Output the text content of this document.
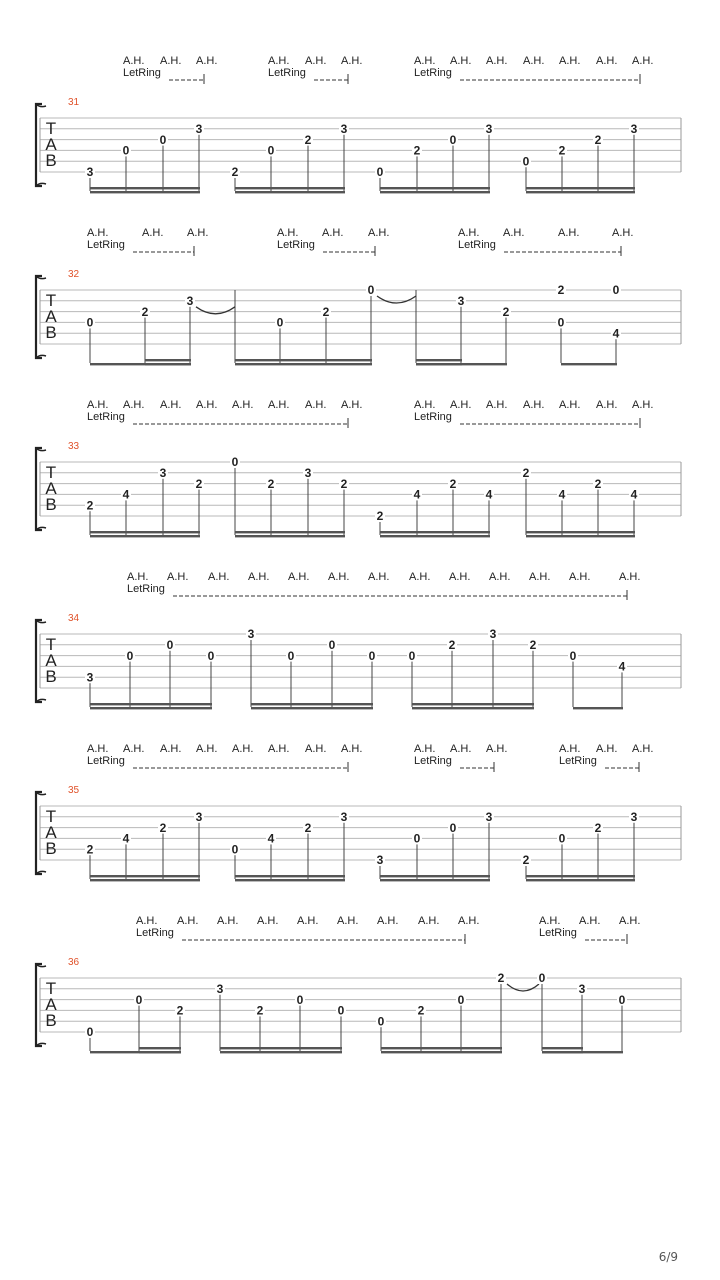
31
T
A
B
A.H. A.H. A.H.	A.H. A.H. A.H.	A.H. A.H. A.H. A.H. A.H. A.H. A.H.
LetRing	LetRing	LetRing
3
0
0
3
2
0
2
3
0
2
0
3
0
2
2
3
32
T
A
B
A.H.	A.H. A.H.	A.H. A.H. A.H.	A.H. A.H.	A.H.	A.H.
LetRing	LetRing	LetRing
0
2
3
0
2
0
3
2
2
0
0
4
33
T
A
B
A.H. A.H. A.H. A.H. A.H. A.H. A.H. A.H.	A.H. A.H. A.H. A.H. A.H. A.H. A.H.
LetRing	LetRing
2
4
3
2
0
2
3
2
2
4
2
4
2
4
2
4
34
T
A
B
A.H. A.H. A.H. A.H. A.H. A.H. A.H. A.H. A.H. A.H. A.H. A.H.	A.H.
LetRing
3
0
0
0
3
0
0
0	0
2
3
2
0
4
35
T
A
B
A.H. A.H. A.H. A.H. A.H. A.H. A.H. A.H.	A.H. A.H. A.H.	A.H. A.H. A.H.
LetRing	LetRing	LetRing
2
4
2
3
0
4
2
3
3
0
0
3
2
0
2
3
36
T
A
B
A.H. A.H. A.H. A.H. A.H. A.H. A.H. A.H. A.H.	A.H. A.H. A.H.
LetRing	LetRing
0
0
2
3
2
0
0
0
2
0
2	0
3
0
6/9
